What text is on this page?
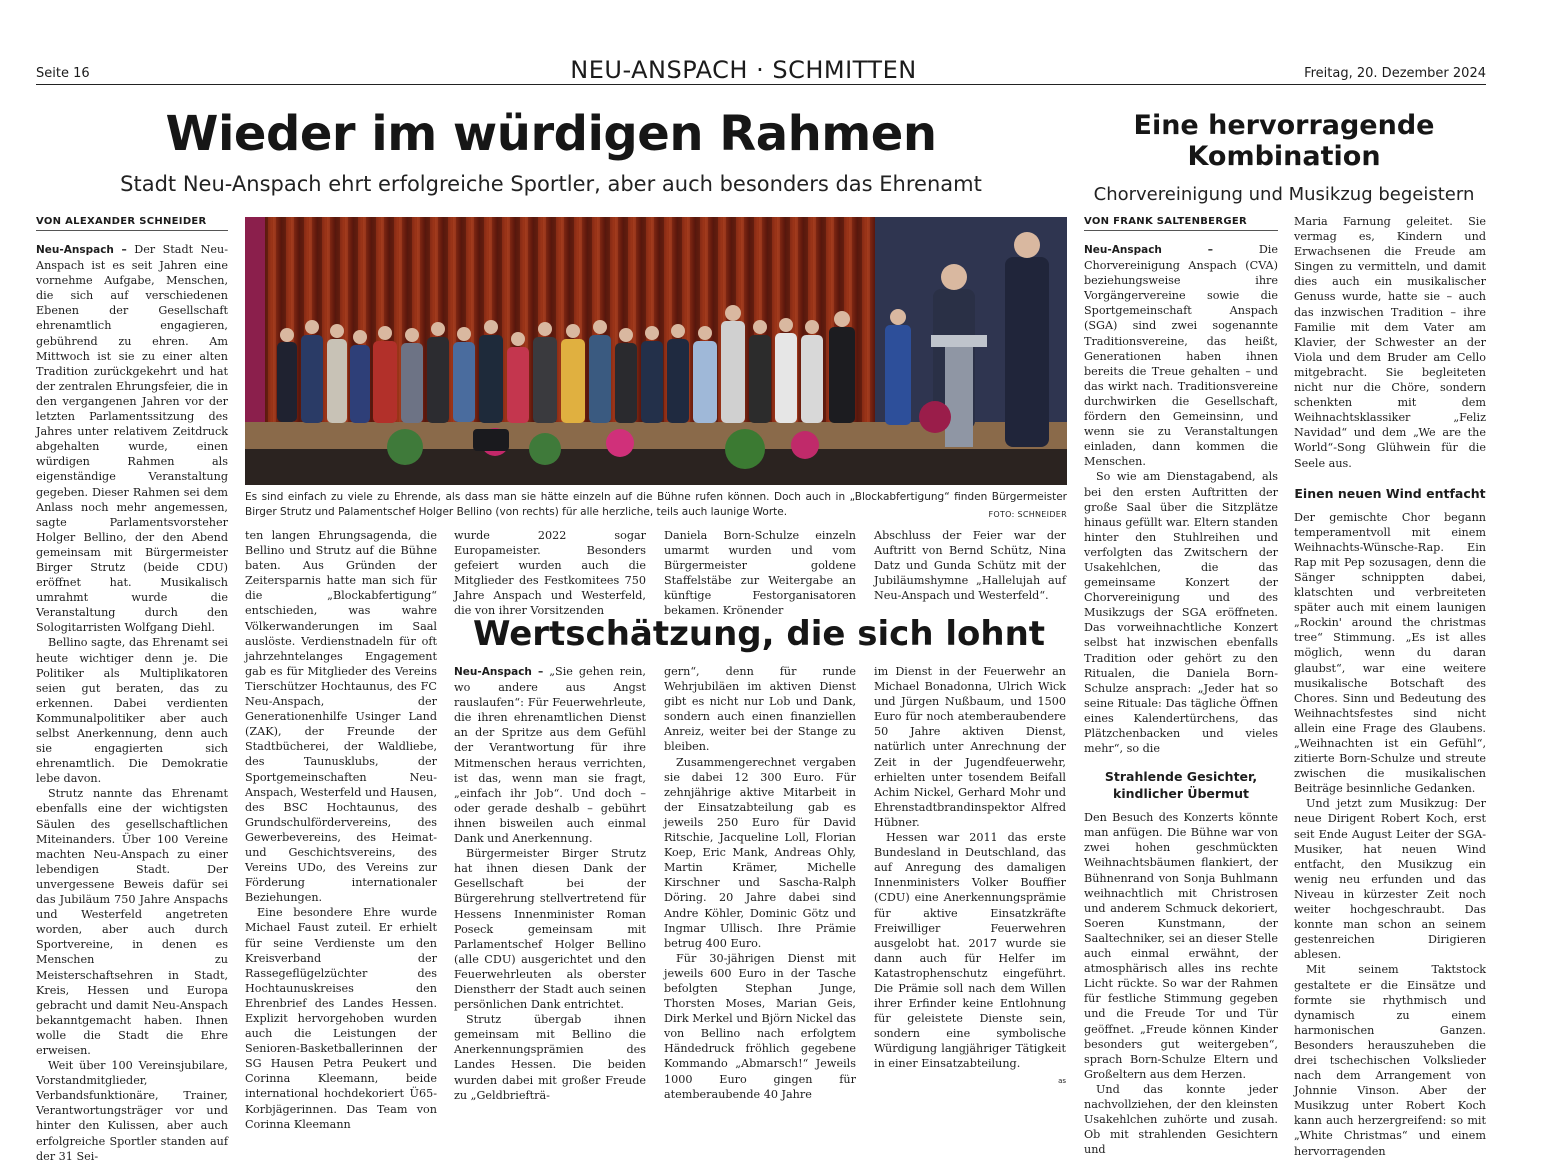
Seite 16	NEU-ANSPACH · SCHMITTEN	Freitag, 20. Dezember 2024
Wieder im würdigen Rahmen
Stadt Neu-Anspach ehrt erfolgreiche Sportler, aber auch besonders das Ehrenamt
VON ALEXANDER SCHNEIDER
Eine hervorragende Kombination
Chorvereinigung und Musikzug begeistern
VON FRANK SALTENBERGER

Neu-Anspach – Der Stadt Neu-Anspach ist es seit Jahren eine vornehme Aufgabe, Menschen, die sich auf verschiedenen Ebenen der Gesellschaft ehrenamtlich engagieren, gebührend zu ehren. Am Mittwoch ist sie zu einer alten Tradition zurückgekehrt und hat der zentralen Ehrungsfeier, die in den vergangenen Jahren vor der letzten Parlamentssitzung des Jahres unter relativem Zeitdruck abgehalten wurde, einen würdigen Rahmen als eigenständige Veranstaltung gegeben. Dieser Rahmen sei dem Anlass noch mehr angemessen, sagte Parlamentsvorsteher Holger Bellino, der den Abend gemeinsam mit Bürgermeister Birger Strutz (beide CDU) eröffnet hat. Musikalisch umrahmt wurde die Veranstaltung durch den Sologitarristen Wolfgang Diehl.

Bellino sagte, das Ehrenamt sei heute wichtiger denn je. Die Politiker als Multiplikatoren seien gut beraten, das zu erkennen. Dabei verdienten Kommunalpolitiker aber auch selbst Anerkennung, denn auch sie engagierten sich ehrenamtlich. Die Demokratie lebe davon.

Strutz nannte das Ehrenamt ebenfalls eine der wichtigsten Säulen des gesellschaftlichen Miteinanders. Über 100 Vereine machten Neu-Anspach zu einer lebendigen Stadt. Der unvergessene Beweis dafür sei das Jubiläum 750 Jahre Anspachs und Westerfeld angetreten worden, aber auch durch Sportvereine, in denen es Menschen zu Meisterschaftsehren in Stadt, Kreis, Hessen und Europa gebracht und damit Neu-Anspach bekanntgemacht haben. Ihnen wolle die Stadt die Ehre erweisen.

Weit über 100 Vereinsjubilare, Vorstandmitglieder, Verbandsfunktionäre, Trainer, Verantwortungsträger vor und hinter den Kulissen, aber auch erfolgreiche Sportler standen auf der 31 Sei-

Es sind einfach zu viele zu Ehrende, als dass man sie hätte einzeln auf die Bühne rufen können. Doch auch in „Blockabfertigung“ finden Bürgermeister Birger Strutz und Palamentschef Holger Bellino (von rechts) für alle herzliche, teils auch launige Worte.	FOTO: SCHNEIDER

ten langen Ehrungsagenda, die Bellino und Strutz auf die Bühne baten. Aus Gründen der Zeitersparnis hatte man sich für die „Blockabfertigung“ entschieden, was wahre Völkerwanderungen im Saal auslöste. Verdienstnadeln für oft jahrzehntelanges Engagement gab es für Mitglieder des Vereins Tierschützer Hochtaunus, des FC Neu-Anspach, der Generationenhilfe Usinger Land (ZAK), der Freunde der Stadtbücherei, der Waldliebe, des Taunusklubs, der Sportgemeinschaften Neu-Anspach, Westerfeld und Hausen, des BSC Hochtaunus, des Grundschulfördervereins, des Gewerbevereins, des Heimat- und Geschichtsvereins, des Vereins UDo, des Vereins zur Förderung internationaler Beziehungen.

Eine besondere Ehre wurde Michael Faust zuteil. Er erhielt für seine Verdienste um den Kreisverband der Rassegeflügelzüchter des Hochtaunuskreises den Ehrenbrief des Landes Hessen. Explizit hervorgehoben wurden auch die Leistungen der Senioren-Basketballerinnen der SG Hausen Petra Peukert und Corinna Kleemann, beide international hochdekoriert Ü65-Korbjägerinnen. Das Team von Corinna Kleemann

wurde 2022 sogar Europameister. Besonders gefeiert wurden auch die Mitglieder des Festkomitees 750 Jahre Anspach und Westerfeld, die von ihrer Vorsitzenden

Daniela Born-Schulze einzeln umarmt wurden und vom Bürgermeister goldene Staffelstäbe zur Weitergabe an künftige Festorganisatoren bekamen. Krönender

Abschluss der Feier war der Auftritt von Bernd Schütz, Nina Datz und Gunda Schütz mit der Jubiläumshymne „Hallelujah auf Neu-Anspach und Westerfeld“.

Wertschätzung, die sich lohnt

Neu-Anspach – „Sie gehen rein, wo andere aus Angst rauslaufen“: Für Feuerwehrleute, die ihren ehrenamtlichen Dienst an der Spritze aus dem Gefühl der Verantwortung für ihre Mitmenschen heraus verrichten, ist das, wenn man sie fragt, „einfach ihr Job“. Und doch – oder gerade deshalb – gebührt ihnen bisweilen auch einmal Dank und Anerkennung.

Bürgermeister Birger Strutz hat ihnen diesen Dank der Gesellschaft bei der Bürgerehrung stellvertretend für Hessens Innenminister Roman Poseck gemeinsam mit Parlamentschef Holger Bellino (alle CDU) ausgerichtet und den Feuerwehrleuten als oberster Dienstherr der Stadt auch seinen persönlichen Dank entrichtet.

Strutz übergab ihnen gemeinsam mit Bellino die Anerkennungsprämien des Landes Hessen. Die beiden wurden dabei mit großer Freude zu „Geldbriefträ-

gern“, denn für runde Wehrjubiläen im aktiven Dienst gibt es nicht nur Lob und Dank, sondern auch einen finanziellen Anreiz, weiter bei der Stange zu bleiben.

Zusammengerechnet vergaben sie dabei 12 300 Euro. Für zehnjährige aktive Mitarbeit in der Einsatzabteilung gab es jeweils 250 Euro für David Ritschie, Jacqueline Loll, Florian Koep, Eric Mank, Andreas Ohly, Martin Krämer, Michelle Kirschner und Sascha-Ralph Döring. 20 Jahre dabei sind Andre Köhler, Dominic Götz und Ingmar Ullisch. Ihre Prämie betrug 400 Euro.

Für 30-jährigen Dienst mit jeweils 600 Euro in der Tasche befolgten Stephan Junge, Thorsten Moses, Marian Geis, Dirk Merkel und Björn Nickel das von Bellino nach erfolgtem Händedruck fröhlich gegebene Kommando „Abmarsch!“ Jeweils 1000 Euro gingen für atemberaubende 40 Jahre

im Dienst in der Feuerwehr an Michael Bonadonna, Ulrich Wick und Jürgen Nußbaum, und 1500 Euro für noch atemberaubendere 50 Jahre aktiven Dienst, natürlich unter Anrechnung der Zeit in der Jugendfeuerwehr, erhielten unter tosendem Beifall Achim Nickel, Gerhard Mohr und Ehrenstadtbrandinspektor Alfred Hübner.

Hessen war 2011 das erste Bundesland in Deutschland, das auf Anregung des damaligen Innenministers Volker Bouffier (CDU) eine Anerkennungsprämie für aktive Einsatzkräfte Freiwilliger Feuerwehren ausgelobt hat. 2017 wurde sie dann auch für Helfer im Katastrophenschutz eingeführt. Die Prämie soll nach dem Willen ihrer Erfinder keine Entlohnung für geleistete Dienste sein, sondern eine symbolische Würdigung langjähriger Tätigkeit in einer Einsatzabteilung.

as

Neu-Anspach –	Die Chorvereinigung Anspach (CVA) beziehungsweise ihre Vorgängervereine sowie die Sportgemeinschaft Anspach (SGA) sind zwei sogenannte Traditionsvereine, das heißt, Generationen haben ihnen bereits die Treue gehalten – und das wirkt nach. Traditionsvereine durchwirken die Gesellschaft, fördern den Gemeinsinn, und wenn sie zu Veranstaltungen einladen, dann kommen die Menschen.

So wie am Dienstagabend, als bei den ersten Auftritten der große Saal über die Sitzplätze hinaus gefüllt war. Eltern standen hinter den Stuhlreihen und verfolgten das Zwitschern der Usakehlchen, die das gemeinsame Konzert der Chorvereinigung und des Musikzugs der SGA eröffneten. Das vorweihnachtliche Konzert selbst hat inzwischen ebenfalls Tradition oder gehört zu den Ritualen, die Daniela Born-Schulze ansprach: „Jeder hat so seine Rituale: Das tägliche Öffnen eines Kalendertürchens, das Plätzchenbacken und vieles mehr“, so die

Strahlende Gesichter, kindlicher Übermut

Den Besuch des Konzerts könnte man anfügen. Die Bühne war von zwei hohen geschmückten Weihnachtsbäumen flankiert, der Bühnenrand von Sonja Buhlmann weihnachtlich mit Christrosen und anderem Schmuck dekoriert, Soeren Kunstmann, der Saaltechniker, sei an dieser Stelle auch einmal erwähnt, der atmosphärisch alles ins rechte Licht rückte. So war der Rahmen für festliche Stimmung gegeben und die Freude Tor und Tür geöffnet. „Freude können Kinder besonders gut weitergeben“, sprach Born-Schulze Eltern und Großeltern aus dem Herzen.

Und das konnte jeder nachvollziehen, der den kleinsten Usakehlchen zuhörte und zusah. Ob mit strahlenden Gesichtern und

Maria Farnung geleitet. Sie vermag es, Kindern und Erwachsenen die Freude am Singen zu vermitteln, und damit dies auch ein musikalischer Genuss wurde, hatte sie – auch das inzwischen Tradition – ihre Familie mit dem Vater am Klavier, der Schwester an der Viola und dem Bruder am Cello mitgebracht. Sie begleiteten nicht nur die Chöre, sondern schenkten mit dem Weihnachtsklassiker „Feliz Navidad“ und dem „We are the World“-Song Glühwein für die Seele aus.

Einen neuen Wind entfacht

Der gemischte Chor begann temperamentvoll mit einem Weihnachts-Wünsche-Rap. Ein Rap mit Pep sozusagen, denn die Sänger schnippten dabei, klatschten und verbreiteten später auch mit einem launigen „Rockin' around the christmas tree“ Stimmung. „Es ist alles möglich, wenn du daran glaubst“, war eine weitere musikalische Botschaft des Chores. Sinn und Bedeutung des Weihnachtsfestes sind nicht allein eine Frage des Glaubens. „Weihnachten ist ein Gefühl“, zitierte Born-Schulze und streute zwischen die musikalischen Beiträge besinnliche Gedanken.

Und jetzt zum Musikzug: Der neue Dirigent Robert Koch, erst seit Ende August Leiter der SGA-Musiker, hat neuen Wind entfacht, den Musikzug ein wenig neu erfunden und das Niveau in kürzester Zeit noch weiter hochgeschraubt. Das konnte man schon an seinem gestenreichen Dirigieren ablesen.

Mit seinem Taktstock gestaltete er die Einsätze und formte sie rhythmisch und dynamisch zu einem harmonischen Ganzen. Besonders herauszuheben die drei tschechischen Volkslieder nach dem Arrangement von Johnnie Vinson. Aber der Musikzug unter Robert Koch kann auch herzergreifend: so mit „White Christmas“ und einem hervorragenden
